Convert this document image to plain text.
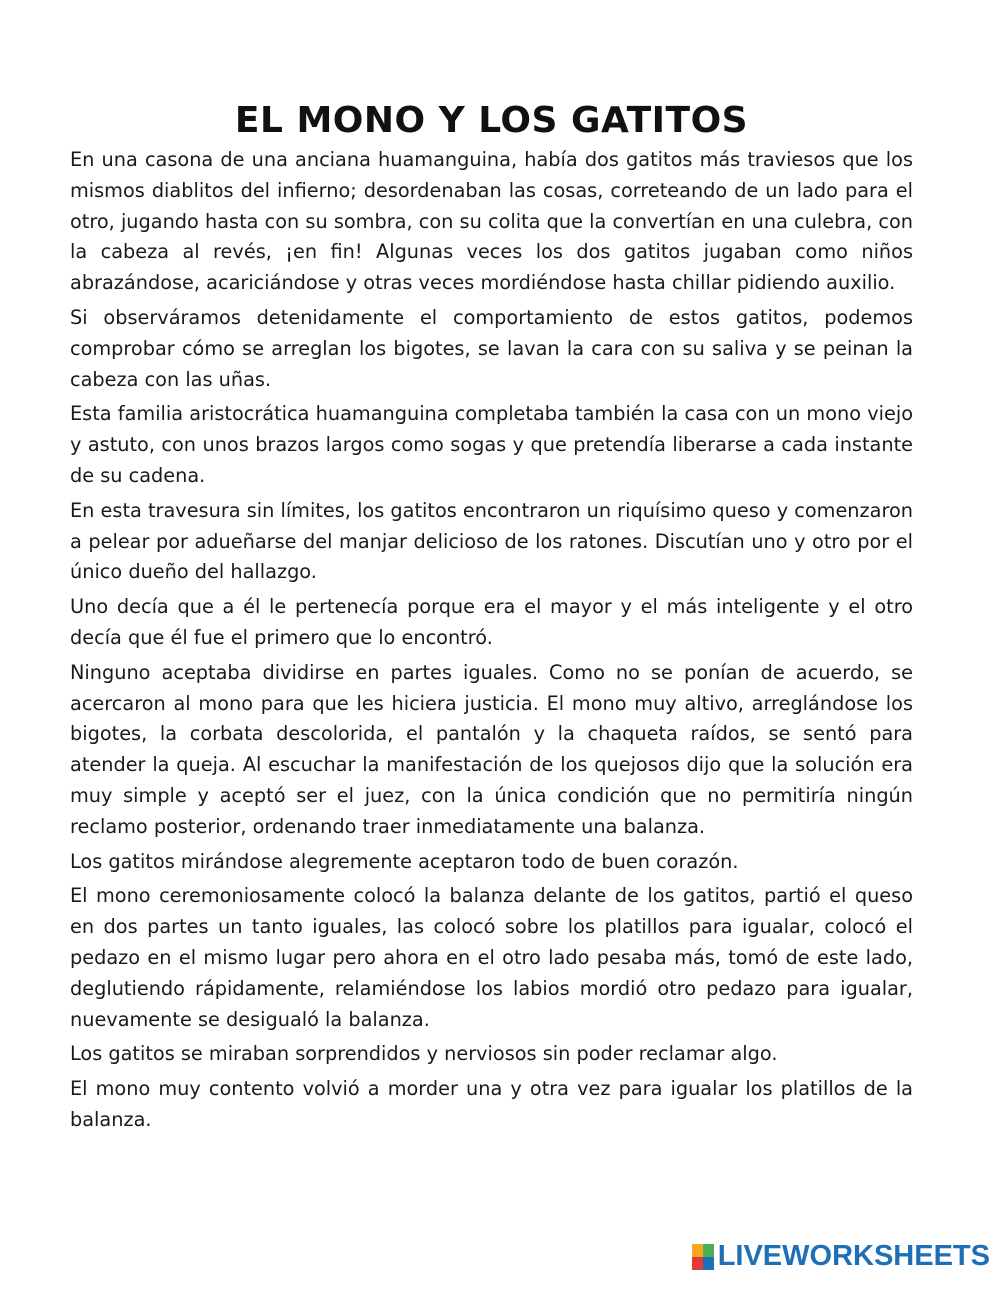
EL MONO Y LOS GATITOS

En una casona de una anciana huamanguina, había dos gatitos más traviesos que los mismos diablitos del infierno; desordenaban las cosas, correteando de un lado para el otro, jugando hasta con su sombra, con su colita que la convertían en una culebra, con la cabeza al revés, ¡en fin! Algunas veces los dos gatitos jugaban como niños abrazándose, acariciándose y otras veces mordiéndose hasta chillar pidiendo auxilio.

Si observáramos detenidamente el comportamiento de estos gatitos, podemos comprobar cómo se arreglan los bigotes, se lavan la cara con su saliva y se peinan la cabeza con las uñas.

Esta familia aristocrática huamanguina completaba también la casa con un mono viejo y astuto, con unos brazos largos como sogas y que pretendía liberarse a cada instante de su cadena.

En esta travesura sin límites, los gatitos encontraron un riquísimo queso y comenzaron a pelear por adueñarse del manjar delicioso de los ratones. Discutían uno y otro por el único dueño del hallazgo.

Uno decía que a él le pertenecía porque era el mayor y el más inteligente y el otro decía que él fue el primero que lo encontró.

Ninguno aceptaba dividirse en partes iguales. Como no se ponían de acuerdo, se acercaron al mono para que les hiciera justicia. El mono muy altivo, arreglándose los bigotes, la corbata descolorida, el pantalón y la chaqueta raídos, se sentó para atender la queja. Al escuchar la manifestación de los quejosos dijo que la solución era muy simple y aceptó ser el juez, con la única condición que no permitiría ningún reclamo posterior, ordenando traer inmediatamente una balanza.

Los gatitos mirándose alegremente aceptaron todo de buen corazón.

El mono ceremoniosamente colocó la balanza delante de los gatitos, partió el queso en dos partes un tanto iguales, las colocó sobre los platillos para igualar, colocó el pedazo en el mismo lugar pero ahora en el otro lado pesaba más, tomó de este lado, deglutiendo rápidamente, relamiéndose los labios mordió otro pedazo para igualar, nuevamente se desigualó la balanza.

Los gatitos se miraban sorprendidos y nerviosos sin poder reclamar algo.

El mono muy contento volvió a morder una y otra vez para igualar los platillos de la balanza.

LIVEWORKSHEETS
